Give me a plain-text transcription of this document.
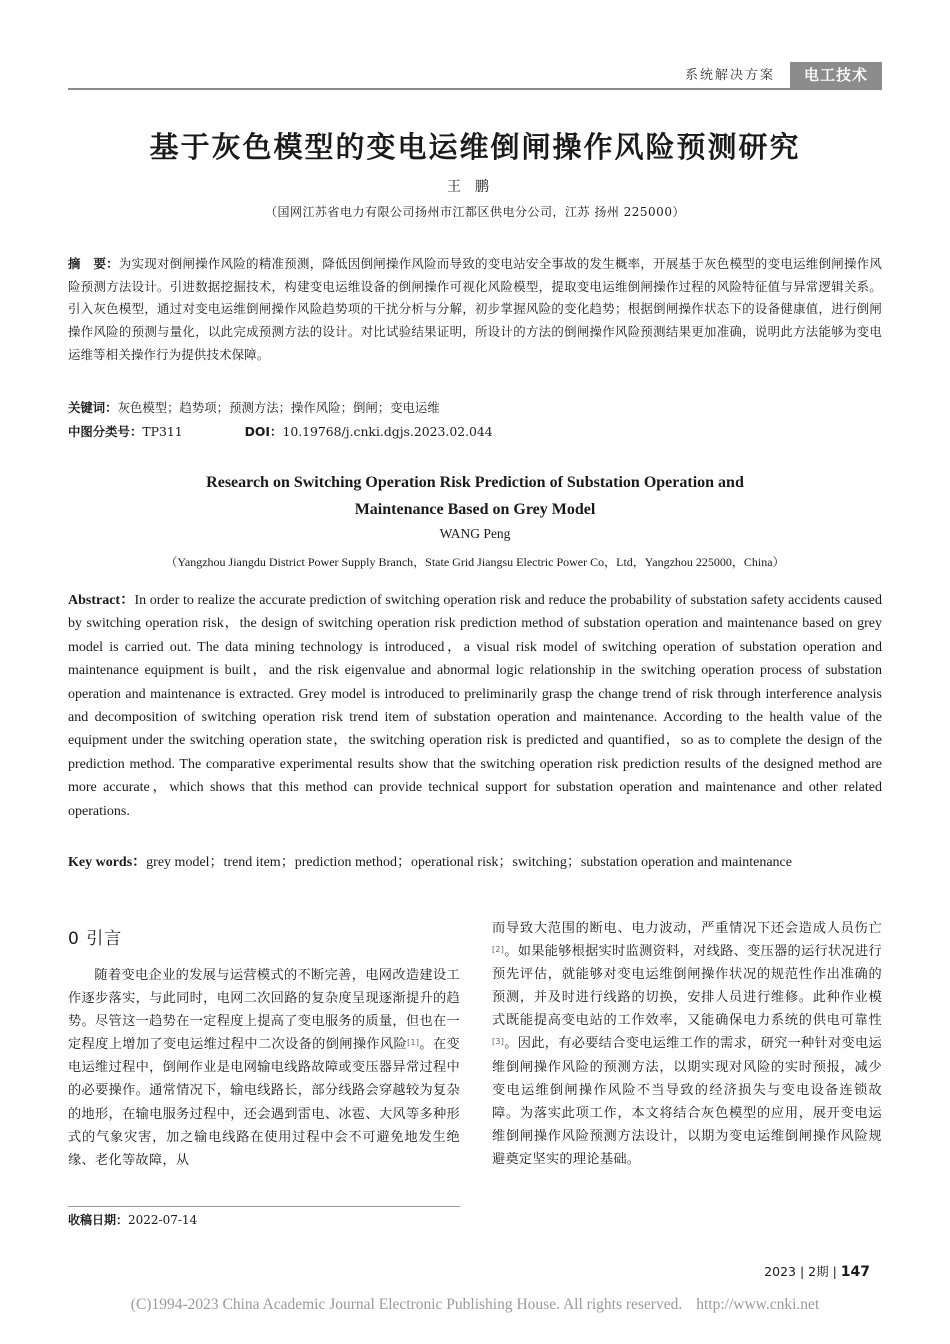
系统解决方案	电工技术
基于灰色模型的变电运维倒闸操作风险预测研究
王鹏
（国网江苏省电力有限公司扬州市江都区供电分公司，江苏 扬州 225000）
摘　要：为实现对倒闸操作风险的精准预测，降低因倒闸操作风险而导致的变电站安全事故的发生概率，开展基于灰色模型的变电运维倒闸操作风险预测方法设计。引进数据挖掘技术，构建变电运维设备的倒闸操作可视化风险模型，提取变电运维倒闸操作过程的风险特征值与异常逻辑关系。引入灰色模型，通过对变电运维倒闸操作风险趋势项的干扰分析与分解，初步掌握风险的变化趋势；根据倒闸操作状态下的设备健康值，进行倒闸操作风险的预测与量化，以此完成预测方法的设计。对比试验结果证明，所设计的方法的倒闸操作风险预测结果更加准确，说明此方法能够为变电运维等相关操作行为提供技术保障。
关键词：灰色模型；趋势项；预测方法；操作风险；倒闸；变电运维
中图分类号：TP311	DOI：10.19768/j.cnki.dgjs.2023.02.044
Research on Switching Operation Risk Prediction of Substation Operation and
Maintenance Based on Grey Model
WANG Peng
（Yangzhou Jiangdu District Power Supply Branch，State Grid Jiangsu Electric Power Co，Ltd，Yangzhou 225000，China）
Abstract：In order to realize the accurate prediction of switching operation risk and reduce the probability of substation safety accidents caused by switching operation risk，the design of switching operation risk prediction method of substation operation and maintenance based on grey model is carried out. The data mining technology is introduced，a visual risk model of switching operation of substation operation and maintenance equipment is built，and the risk eigenvalue and abnormal logic relationship in the switching operation process of substation operation and maintenance is extracted. Grey model is introduced to preliminarily grasp the change trend of risk through interference analysis and decomposition of switching operation risk trend item of substation operation and maintenance. According to the health value of the equipment under the switching operation state，the switching operation risk is predicted and quantified，so as to complete the design of the prediction method. The comparative experimental results show that the switching operation risk prediction results of the designed method are more accurate，which shows that this method can provide technical support for substation operation and maintenance and other related operations.
Key words：grey model；trend item；prediction method；operational risk；switching；substation operation and maintenance
0 引言
随着变电企业的发展与运营模式的不断完善，电网改造建设工作逐步落实，与此同时，电网二次回路的复杂度呈现逐渐提升的趋势。尽管这一趋势在一定程度上提高了变电服务的质量，但也在一定程度上增加了变电运维过程中二次设备的倒闸操作风险[1]。在变电运维过程中，倒闸作业是电网输电线路故障或变压器异常过程中的必要操作。通常情况下，输电线路长，部分线路会穿越较为复杂的地形，在输电服务过程中，还会遇到雷电、冰雹、大风等多种形式的气象灾害，加之输电线路在使用过程中会不可避免地发生绝缘、老化等故障，从
而导致大范围的断电、电力波动，严重情况下还会造成人员伤亡[2]。如果能够根据实时监测资料，对线路、变压器的运行状况进行预先评估，就能够对变电运维倒闸操作状况的规范性作出准确的预测，并及时进行线路的切换，安排人员进行维修。此种作业模式既能提高变电站的工作效率，又能确保电力系统的供电可靠性[3]。因此，有必要结合变电运维工作的需求，研究一种针对变电运维倒闸操作风险的预测方法，以期实现对风险的实时预报，减少变电运维倒闸操作风险不当导致的经济损失与变电设备连锁故障。为落实此项工作，本文将结合灰色模型的应用，展开变电运维倒闸操作风险预测方法设计，以期为变电运维倒闸操作风险规避奠定坚实的理论基础。
收稿日期：2022-07-14
2023 | 2期 | 147
(C)1994-2023 China Academic Journal Electronic Publishing House. All rights reserved. http://www.cnki.net
